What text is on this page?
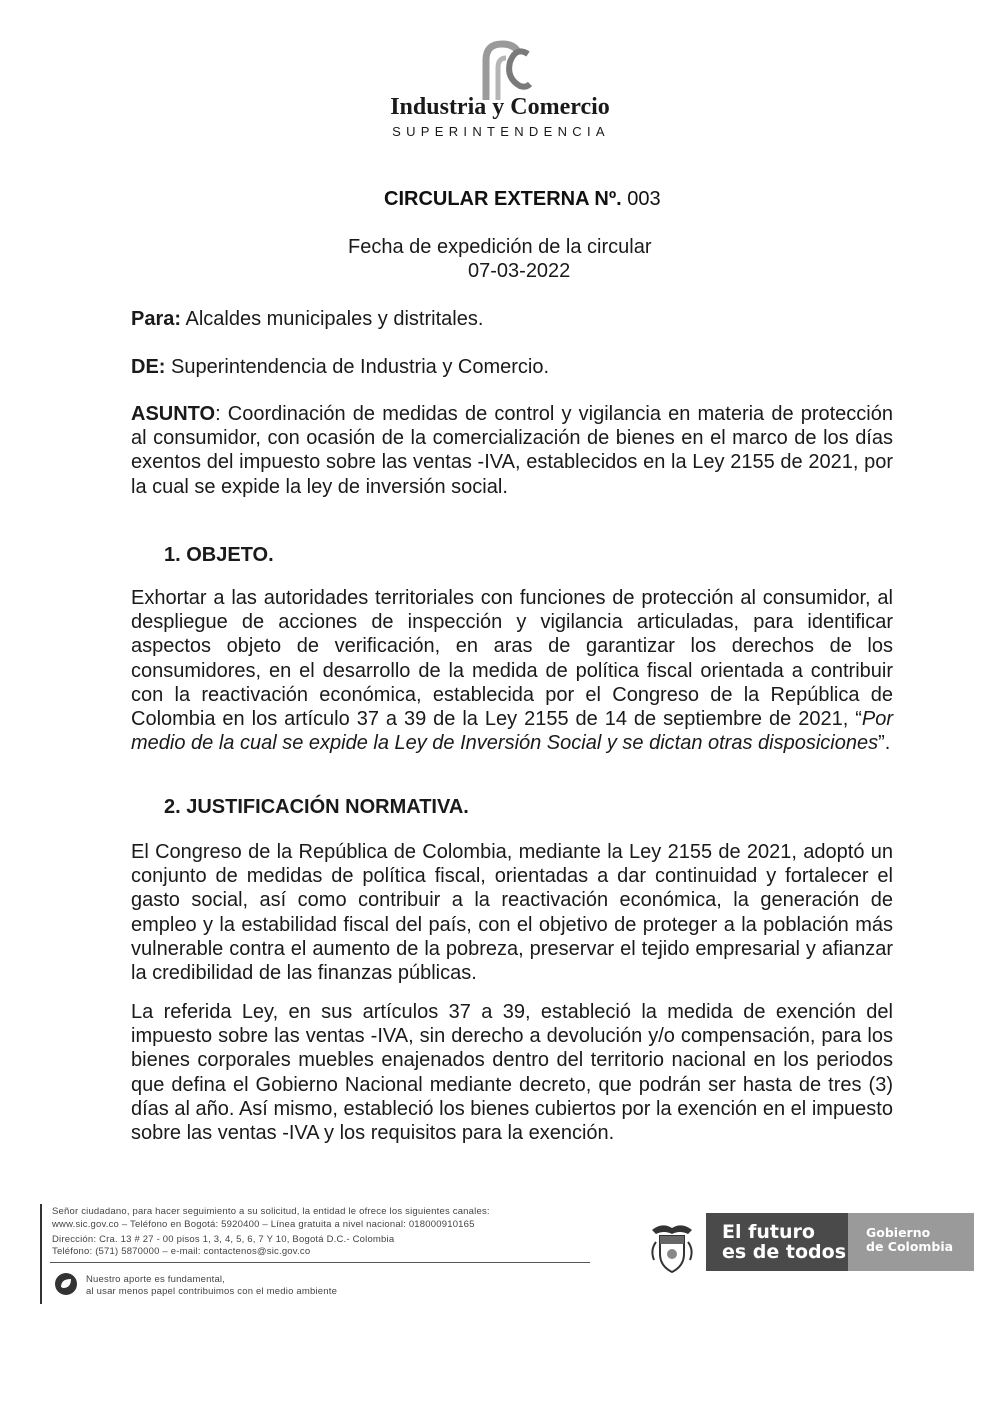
Industria y Comercio
SUPERINTENDENCIA
CIRCULAR EXTERNA Nº. 003
Fecha de expedición de la circular
07-03-2022
Para: Alcaldes municipales y distritales.
DE: Superintendencia de Industria y Comercio.
ASUNTO: Coordinación de medidas de control y vigilancia en materia de protección al consumidor, con ocasión de la comercialización de bienes en el marco de los días exentos del impuesto sobre las ventas -IVA, establecidos en la Ley 2155 de 2021, por la cual se expide la ley de inversión social.
1. OBJETO.
Exhortar a las autoridades territoriales con funciones de protección al consumidor, al despliegue de acciones de inspección y vigilancia articuladas, para identificar aspectos objeto de verificación, en aras de garantizar los derechos de los consumidores, en el desarrollo de la medida de política fiscal orientada a contribuir con la reactivación económica, establecida por el Congreso de la República de Colombia en los artículo 37 a 39 de la Ley 2155 de 14 de septiembre de 2021, “Por medio de la cual se expide la Ley de Inversión Social y se dictan otras disposiciones”.
2. JUSTIFICACIÓN NORMATIVA.
El Congreso de la República de Colombia, mediante la Ley 2155 de 2021, adoptó un conjunto de medidas de política fiscal, orientadas a dar continuidad y fortalecer el gasto social, así como contribuir a la reactivación económica, la generación de empleo y la estabilidad fiscal del país, con el objetivo de proteger a la población más vulnerable contra el aumento de la pobreza, preservar el tejido empresarial y afianzar la credibilidad de las finanzas públicas.
La referida Ley, en sus artículos 37 a 39, estableció la medida de exención del impuesto sobre las ventas -IVA, sin derecho a devolución y/o compensación, para los bienes corporales muebles enajenados dentro del territorio nacional en los periodos que defina el Gobierno Nacional mediante decreto, que podrán ser hasta de tres (3) días al año. Así mismo, estableció los bienes cubiertos por la exención en el impuesto sobre las ventas -IVA y los requisitos para la exención.
Señor ciudadano, para hacer seguimiento a su solicitud, la entidad le ofrece los siguientes canales:
www.sic.gov.co – Teléfono en Bogotá: 5920400 – Línea gratuita a nivel nacional: 018000910165
Dirección: Cra. 13 # 27 - 00 pisos 1, 3, 4, 5, 6, 7 Y 10, Bogotá D.C.- Colombia
Teléfono: (571) 5870000 – e-mail: contactenos@sic.gov.co
Nuestro aporte es fundamental,
al usar menos papel contribuimos con el medio ambiente
El futuro
es de todos
Gobierno
de Colombia
